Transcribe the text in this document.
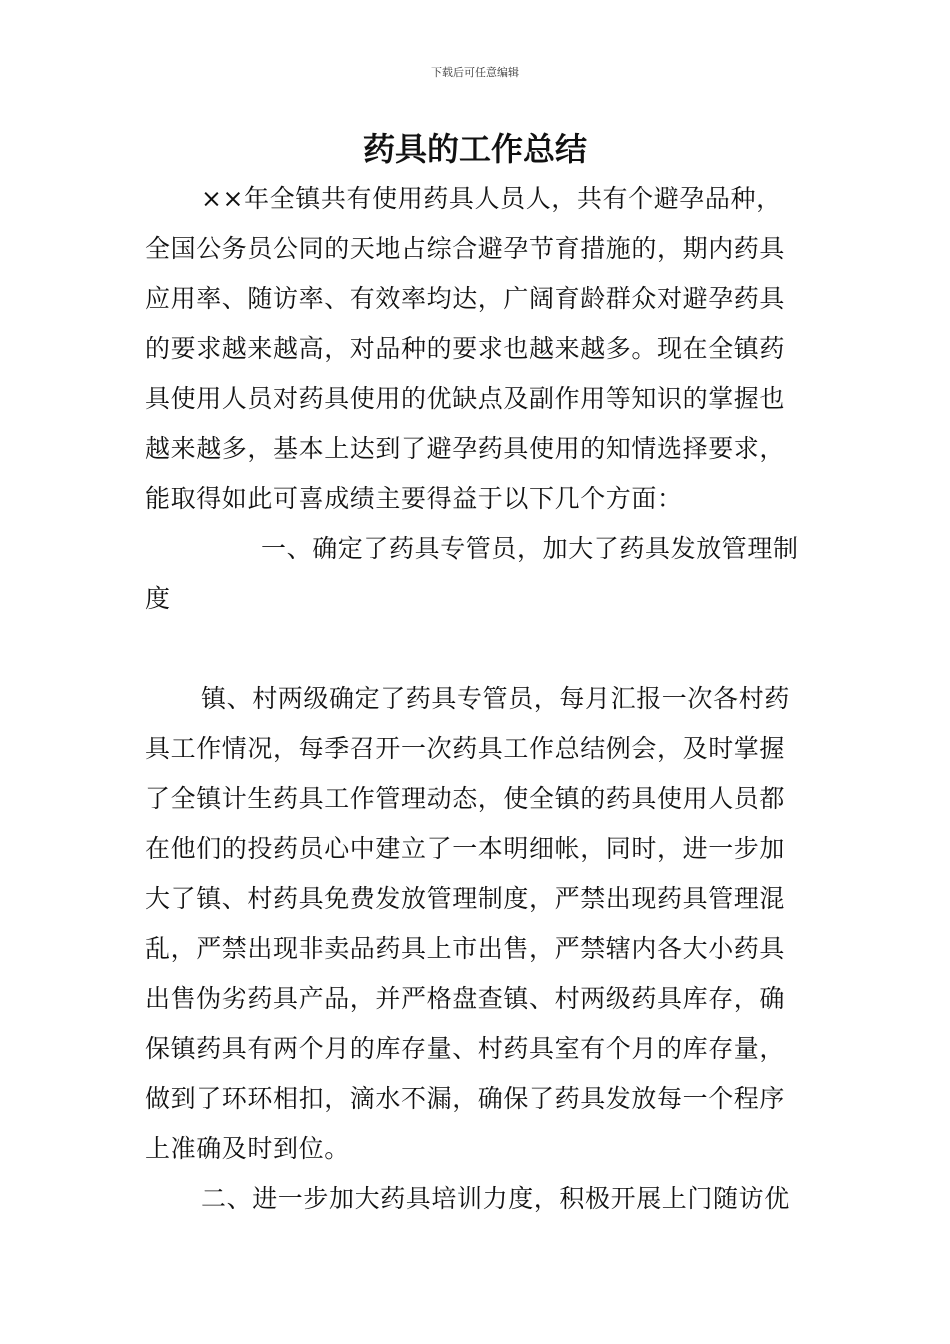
下载后可任意编辑
药具的工作总结
××年全镇共有使用药具人员人，共有个避孕品种，
全国公务员公同的天地占综合避孕节育措施的，期内药具
应用率、随访率、有效率均达，广阔育龄群众对避孕药具
的要求越来越高，对品种的要求也越来越多。现在全镇药
具使用人员对药具使用的优缺点及副作用等知识的掌握也
越来越多，基本上达到了避孕药具使用的知情选择要求，
能取得如此可喜成绩主要得益于以下几个方面：
一、确定了药具专管员，加大了药具发放管理制
度
镇、村两级确定了药具专管员，每月汇报一次各村药
具工作情况，每季召开一次药具工作总结例会，及时掌握
了全镇计生药具工作管理动态，使全镇的药具使用人员都
在他们的投药员心中建立了一本明细帐，同时，进一步加
大了镇、村药具免费发放管理制度，严禁出现药具管理混
乱，严禁出现非卖品药具上市出售，严禁辖内各大小药具
出售伪劣药具产品，并严格盘查镇、村两级药具库存，确
保镇药具有两个月的库存量、村药具室有个月的库存量，
做到了环环相扣，滴水不漏，确保了药具发放每一个程序
上准确及时到位。
二、进一步加大药具培训力度，积极开展上门随访优
